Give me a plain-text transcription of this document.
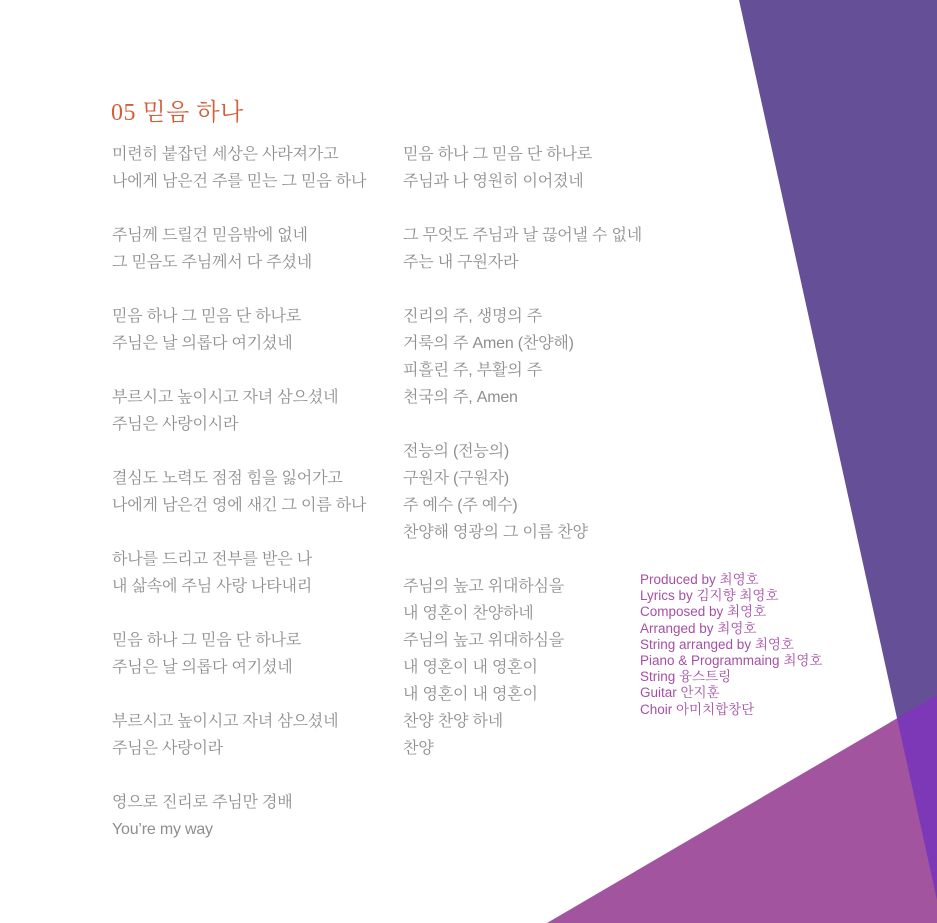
05 믿음 하나
미련히 붙잡던 세상은 사라져가고
나에게 남은건 주를 믿는 그 믿음 하나
주님께 드릴건 믿음밖에 없네
그 믿음도 주님께서 다 주셨네
믿음 하나 그 믿음 단 하나로
주님은 날 의롭다 여기셨네
부르시고 높이시고 자녀 삼으셨네
주님은 사랑이시라
결심도 노력도 점점 힘을 잃어가고
나에게 남은건 영에 새긴 그 이름 하나
하나를 드리고 전부를 받은 나
내 삶속에 주님 사랑 나타내리
믿음 하나 그 믿음 단 하나로
주님은 날 의롭다 여기셨네
부르시고 높이시고 자녀 삼으셨네
주님은 사랑이라
영으로 진리로 주님만 경배
You’re my way
믿음 하나 그 믿음 단 하나로
주님과 나 영원히 이어졌네
그 무엇도 주님과 날 끊어낼 수 없네
주는 내 구원자라
진리의 주, 생명의 주
거룩의 주 Amen (찬양해)
피흘린 주, 부활의 주
천국의 주, Amen
전능의 (전능의)
구원자 (구원자)
주 예수 (주 예수)
찬양해 영광의 그 이름 찬양
주님의 높고 위대하심을
내 영혼이 찬양하네
주님의 높고 위대하심을
내 영혼이 내 영혼이
내 영혼이 내 영혼이
찬양 찬양 하네
찬양
Produced by 최영호
Lyrics by 김지향 최영호
Composed by 최영호
Arranged by 최영호
String arranged by 최영호
Piano & Programmaing 최영호
String 융스트링
Guitar 안지훈
Choir 아미치합창단
